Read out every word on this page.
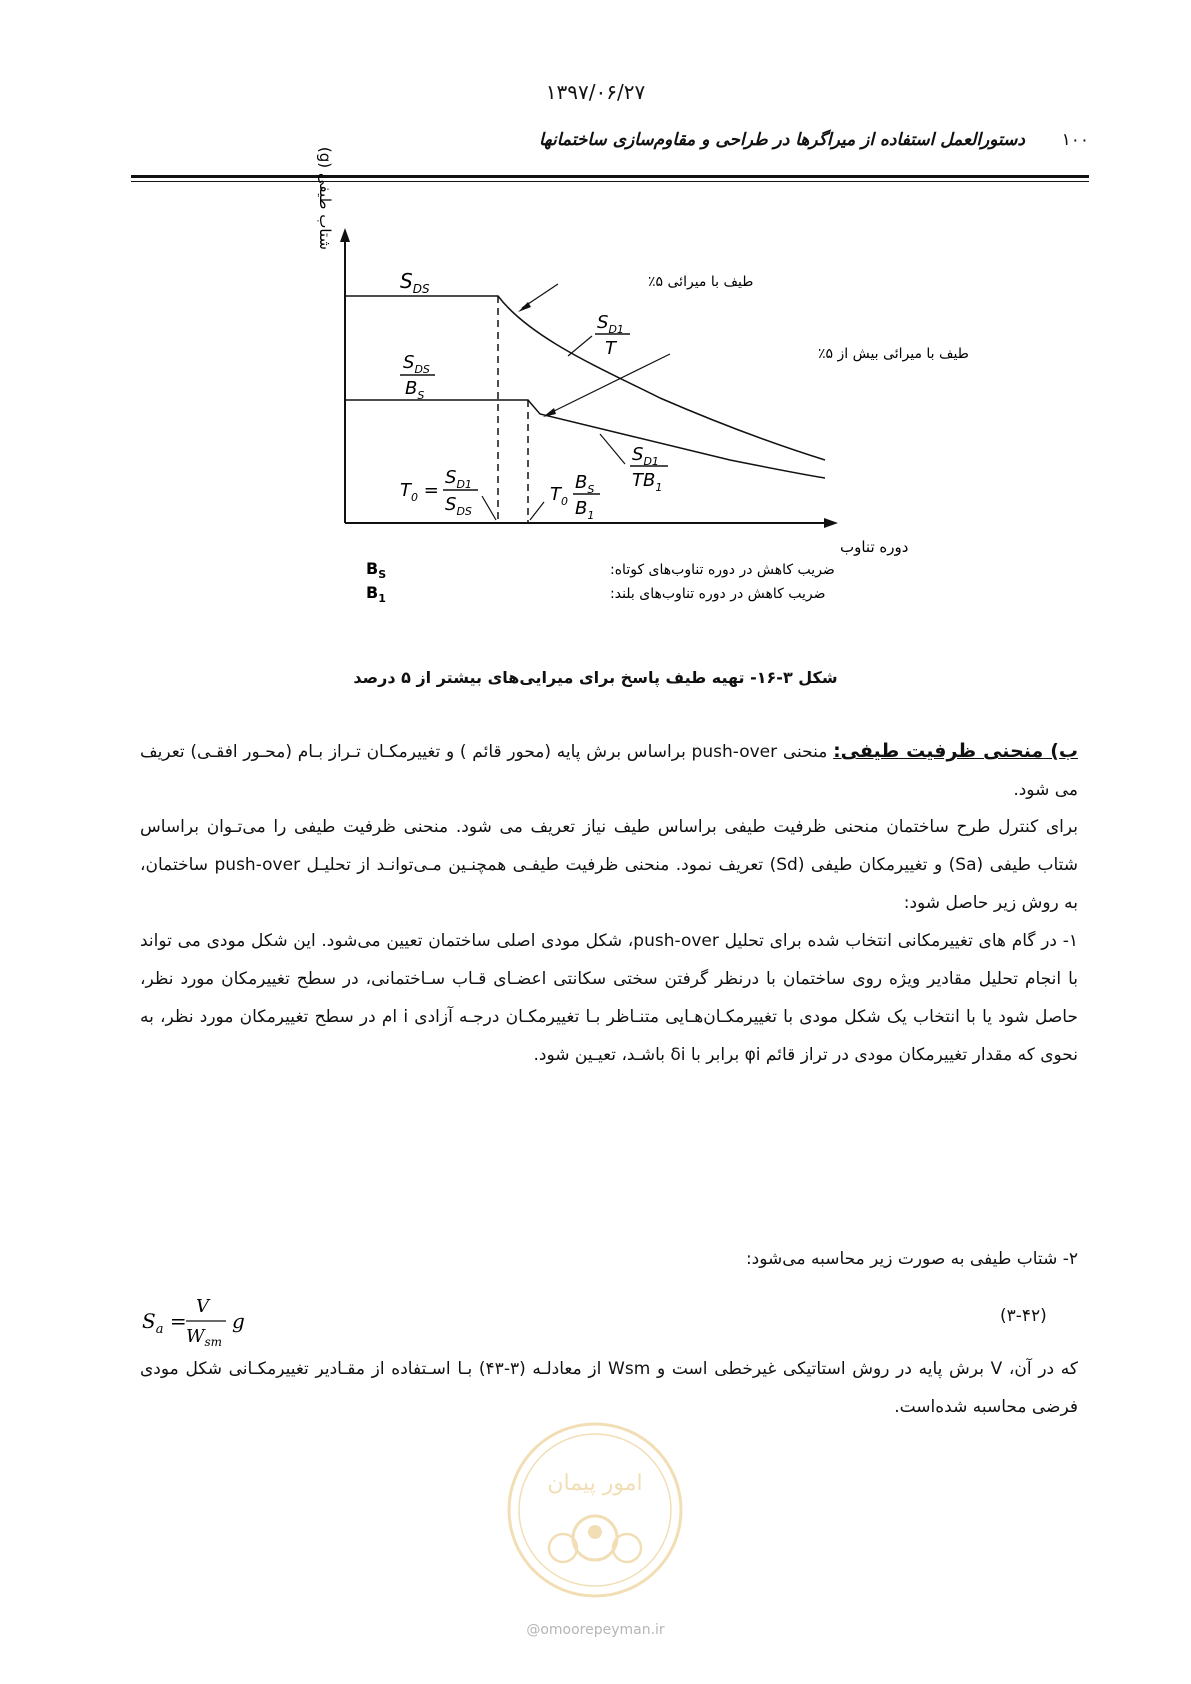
۱۳۹۷/۰۶/۲۷
۱۰۰
دستورالعمل استفاده از میراگرها در طراحی و مقاوم‌سازی ساختمانها
شتاب طیفی (g)
دوره تناوب
$S_{DS}$
$S_{DS}$
$B_S$
$S_{D1}$
T
$S_{D1}$
$TB_1$
$T_0$ =
$S_{D1}$
$S_{DS}$
$T_0$
$B_S$
$B_1$
طیف با میرائی ۵٪
طیف با میرائی بیش از ۵٪
ضریب کاهش در دوره تناوب‌های کوتاه:
$B_S$
ضریب کاهش در دوره تناوب‌های بلند:
$B_1$
شکل ۳-۱۶- تهیه طیف پاسخ برای میرایی‌های بیشتر از ۵ درصد
ب) منحنی ظرفیت طیفی: منحنی push-over براساس برش پایه (محور قائم ) و تغییرمکـان تـراز بـام (محـور افقـی) تعریف می شود.
برای کنترل طرح ساختمان منحنی ظرفیت طیفی براساس طیف نیاز تعریف می شود. منحنی ظرفیت طیفی را می‌تـوان براساس شتاب طیفی (Sa) و تغییرمکان طیفی (Sd) تعریف نمود. منحنی ظرفیت طیفـی همچنـین مـی‌توانـد از تحلیـل push-over ساختمان، به روش زیر حاصل شود:
۱- در گام های تغییرمکانی انتخاب شده برای تحلیل push-over، شکل مودی اصلی ساختمان تعیین می‌شود. این شکل مودی می تواند با انجام تحلیل مقادیر ویژه روی ساختمان با درنظر گرفتن سختی سکانتی اعضـای قـاب سـاختمانی، در سطح تغییرمکان مورد نظر، حاصل شود یا با انتخاب یک شکل مودی با تغییرمکـان‌هـایی متنـاظر بـا تغییرمکـان درجـه آزادی i ام در سطح تغییرمکان مورد نظر، به نحوی که مقدار تغییرمکان مودی در تراز قائم φi برابر با δi باشـد، تعیـین شود.
۲- شتاب طیفی به صورت زیر محاسبه می‌شود:
$S_a$ =
V
$W_{sm}$
g	(۳-۴۲)
که در آن، V برش پایه در روش استاتیکی غیرخطی است و Wsm از معادلـه (۳-۴۳) بـا اسـتفاده از مقـادیر تغییرمکـانی شکل مودی فرضی محاسبه شده‌است.
امور پیمان
@omoorepeyman.ir
